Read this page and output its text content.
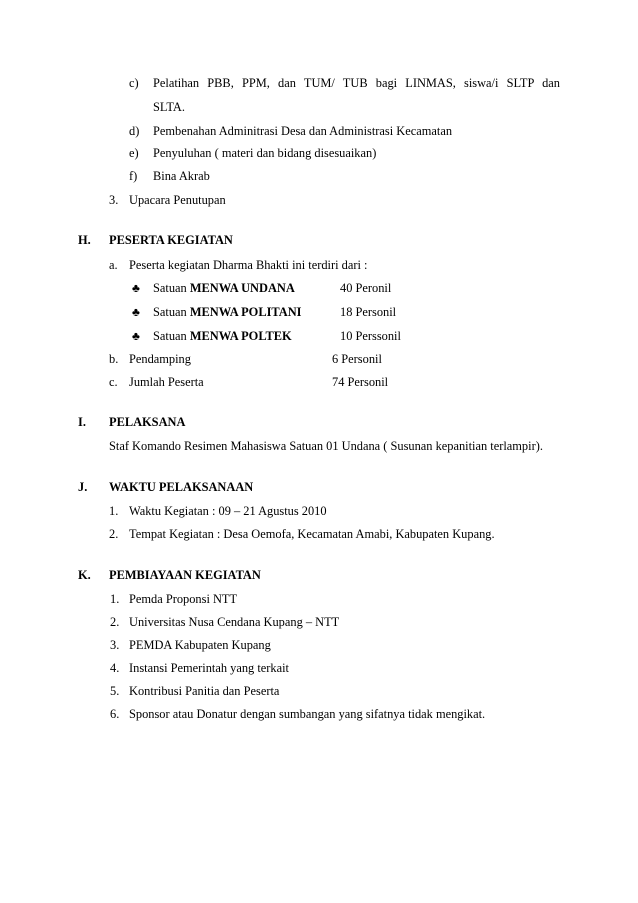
c) Pelatihan PBB, PPM, dan TUM/ TUB bagi LINMAS, siswa/i SLTP dan
SLTA.
d) Pembenahan Adminitrasi Desa dan Administrasi Kecamatan
e) Penyuluhan ( materi dan bidang disesuaikan)
f) Bina Akrab
3. Upacara Penutupan
H. PESERTA KEGIATAN
a. Peserta kegiatan Dharma Bhakti ini terdiri dari :
♣ Satuan MENWA UNDANA	40 Peronil
♣ Satuan MENWA POLITANI	18 Personil
♣ Satuan MENWA POLTEK	10 Perssonil
b. Pendamping	6 Personil
c. Jumlah Peserta	74 Personil
I. PELAKSANA
Staf Komando Resimen Mahasiswa Satuan 01 Undana ( Susunan kepanitian terlampir).
J. WAKTU PELAKSANAAN
1. Waktu Kegiatan : 09 – 21 Agustus 2010
2. Tempat Kegiatan : Desa Oemofa, Kecamatan Amabi, Kabupaten Kupang.
K. PEMBIAYAAN KEGIATAN
1. Pemda Proponsi NTT
2. Universitas Nusa Cendana Kupang – NTT
3. PEMDA Kabupaten Kupang
4. Instansi Pemerintah yang terkait
5. Kontribusi Panitia dan Peserta
6. Sponsor atau Donatur dengan sumbangan yang sifatnya tidak mengikat.
